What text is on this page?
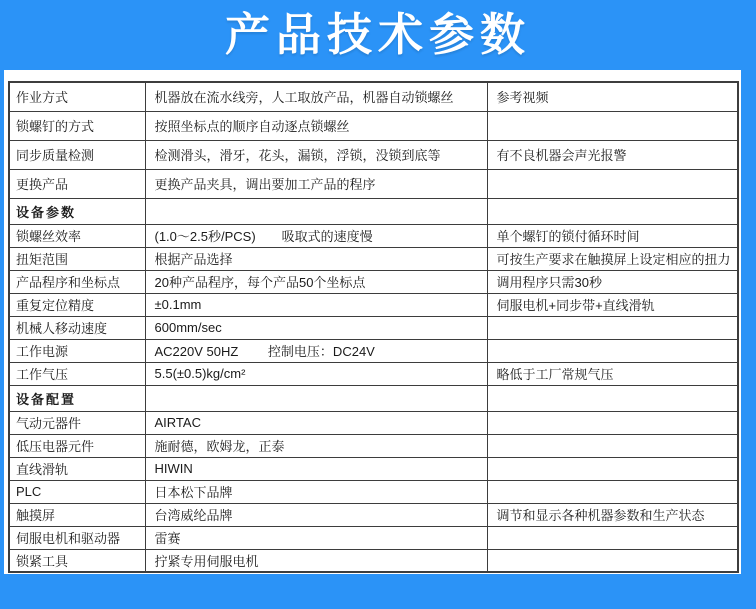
产品技术参数
作业方式	机器放在流水线旁，人工取放产品，机器自动锁螺丝	参考视频
锁螺钉的方式	按照坐标点的顺序自动逐点锁螺丝	
同步质量检测	检测滑头，滑牙，花头，漏锁，浮锁，没锁到底等	有不良机器会声光报警
更换产品	更换产品夹具，调出要加工产品的程序	
设备参数		
锁螺丝效率	(1.0～2.5秒/PCS)　　吸取式的速度慢	单个螺钉的锁付循环时间
扭矩范围	根据产品选择	可按生产要求在触摸屏上设定相应的扭力
产品程序和坐标点	20种产品程序，每个产品50个坐标点	调用程序只需30秒
重复定位精度	±0.1mm	伺服电机+同步带+直线滑轨
机械人移动速度	600mm/sec	
工作电源	AC220V 50HZ　　 控制电压：DC24V	
工作气压	5.5(±0.5)kg/cm²	略低于工厂常规气压
设备配置		
气动元器件	AIRTAC	
低压电器元件	施耐德，欧姆龙，正泰	
直线滑轨	HIWIN	
PLC	日本松下品牌	
触摸屏	台湾威纶品牌	调节和显示各种机器参数和生产状态
伺服电机和驱动器	雷赛	
锁紧工具	拧紧专用伺服电机	
